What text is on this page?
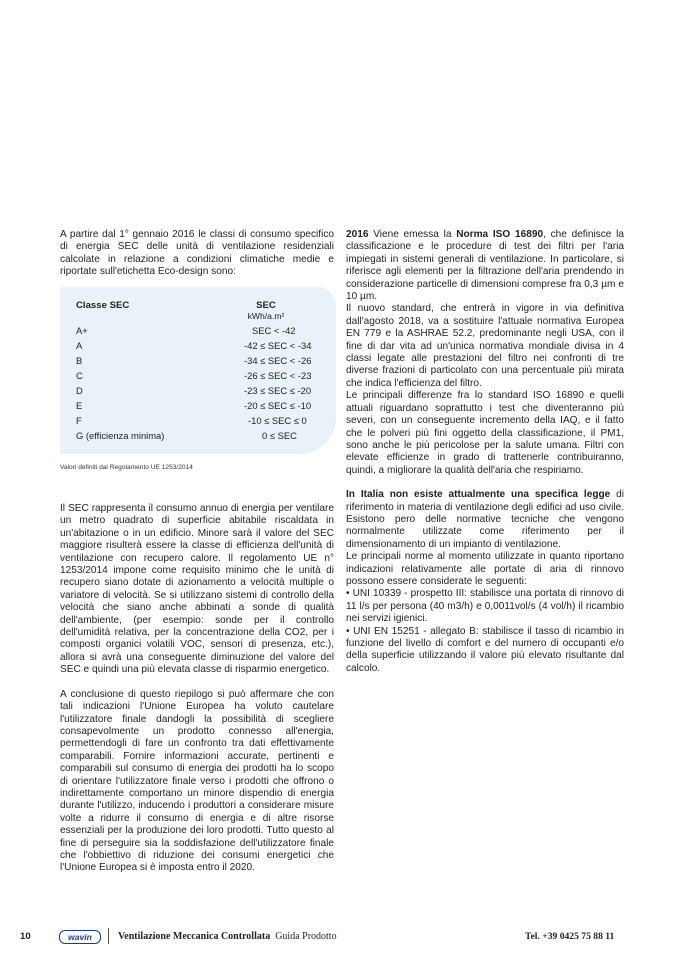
A partire dal 1° gennaio 2016 le classi di consumo specifico di energia SEC delle unità di ventilazione residenziali calcolate in relazione a condizioni climatiche medie e riportate sull'etichetta Eco-design sono:

Classe SEC	SEC
kWh/a.m²
A+	SEC < -42
A	-42 ≤ SEC < -34
B	-34 ≤ SEC < -26
C	-26 ≤ SEC < -23
D	-23 ≤ SEC ≤ -20
E	-20 ≤ SEC ≤ -10
F	-10 ≤ SEC ≤ 0
G (efficienza minima)	0 ≤ SEC
Valori definiti dal Regolamento UE 1253/2014

Il SEC rappresenta il consumo annuo di energia per ventilare un metro quadrato di superficie abitabile riscaldata in un'abitazione o in un edificio. Minore sarà il valore del SEC maggiore risulterà essere la classe di efficienza dell'unità di ventilazione con recupero calore. Il regolamento UE n° 1253/2014 impone come requisito minimo che le unità di recupero siano dotate di azionamento a velocità multiple o variatore di velocità. Se si utilizzano sistemi di controllo della velocità che siano anche abbinati a sonde di qualità dell'ambiente, (per esempio: sonde per il controllo dell'umidità relativa, per la concentrazione della CO2, per i composti organici volatili VOC, sensori di presenza, etc.), allora si avrà una conseguente diminuzione del valore del SEC e quindi una più elevata classe di risparmio energetico.

A conclusione di questo riepilogo si può affermare che con tali indicazioni l'Unione Europea ha voluto cautelare l'utilizzatore finale dandogli la possibilità di scegliere consapevolmente un prodotto connesso all'energia, permettendogli di fare un confronto tra dati effettivamente comparabili. Fornire informazioni accurate, pertinenti e comparabili sul consumo di energia dei prodotti ha lo scopo di orientare l'utilizzatore finale verso i prodotti che offrono o indirettamente comportano un minore dispendio di energia durante l'utilizzo, inducendo i produttori a considerare misure volte a ridurre il consumo di energia e di altre risorse essenziali per la produzione dei loro prodotti. Tutto questo al fine di perseguire sia la soddisfazione dell'utilizzatore finale che l'obbiettivo di riduzione dei consumi energetici che l'Unione Europea si è imposta entro il 2020.

2016 Viene emessa la Norma ISO 16890, che definisce la classificazione e le procedure di test dei filtri per l'aria impiegati in sistemi generali di ventilazione. In particolare, si riferisce agli elementi per la filtrazione dell'aria prendendo in considerazione particelle di dimensioni comprese fra 0,3 µm e 10 µm.

Il nuovo standard, che entrerà in vigore in via definitiva dall'agosto 2018, va a sostituire l'attuale normativa Europea EN 779 e la ASHRAE 52.2, predominante negli USA, con il fine di dar vita ad un'unica normativa mondiale divisa in 4 classi legate alle prestazioni del filtro nei confronti di tre diverse frazioni di particolato con una percentuale più mirata che indica l'efficienza del filtro.

Le principali differenze fra lo standard ISO 16890 e quelli attuali riguardano soprattutto i test che diventeranno più severi, con un conseguente incremento della IAQ, e il fatto che le polveri più fini oggetto della classificazione, il PM1, sono anche le più pericolose per la salute umana. Filtri con elevate efficienze in grado di trattenerle contribuiranno, quindi, a migliorare la qualità dell'aria che respiriamo.

In Italia non esiste attualmente una specifica legge di riferimento in materia di ventilazione degli edifici ad uso civile. Esistono pero delle normative tecniche che vengono normalmente utilizzate come riferimento per il dimensionamento di un impianto di ventilazione.

Le principali norme al momento utilizzate in quanto riportano indicazioni relativamente alle portate di aria di rinnovo possono essere considerate le seguenti:

• UNI 10339 - prospetto III: stabilisce una portata di rinnovo di 11 l/s per persona (40 m3/h) e 0,0011vol/s (4 vol/h) il ricambio nei servizi igienici.

• UNI EN 15251 - allegato B: stabilisce il tasso di ricambio in funzione del livello di comfort e del numero di occupanti e/o della superficie utilizzando il valore più elevato risultante dal calcolo.

10	wavin	Ventilazione Meccanica Controllata Guida Prodotto	Tel. +39 0425 75 88 11
